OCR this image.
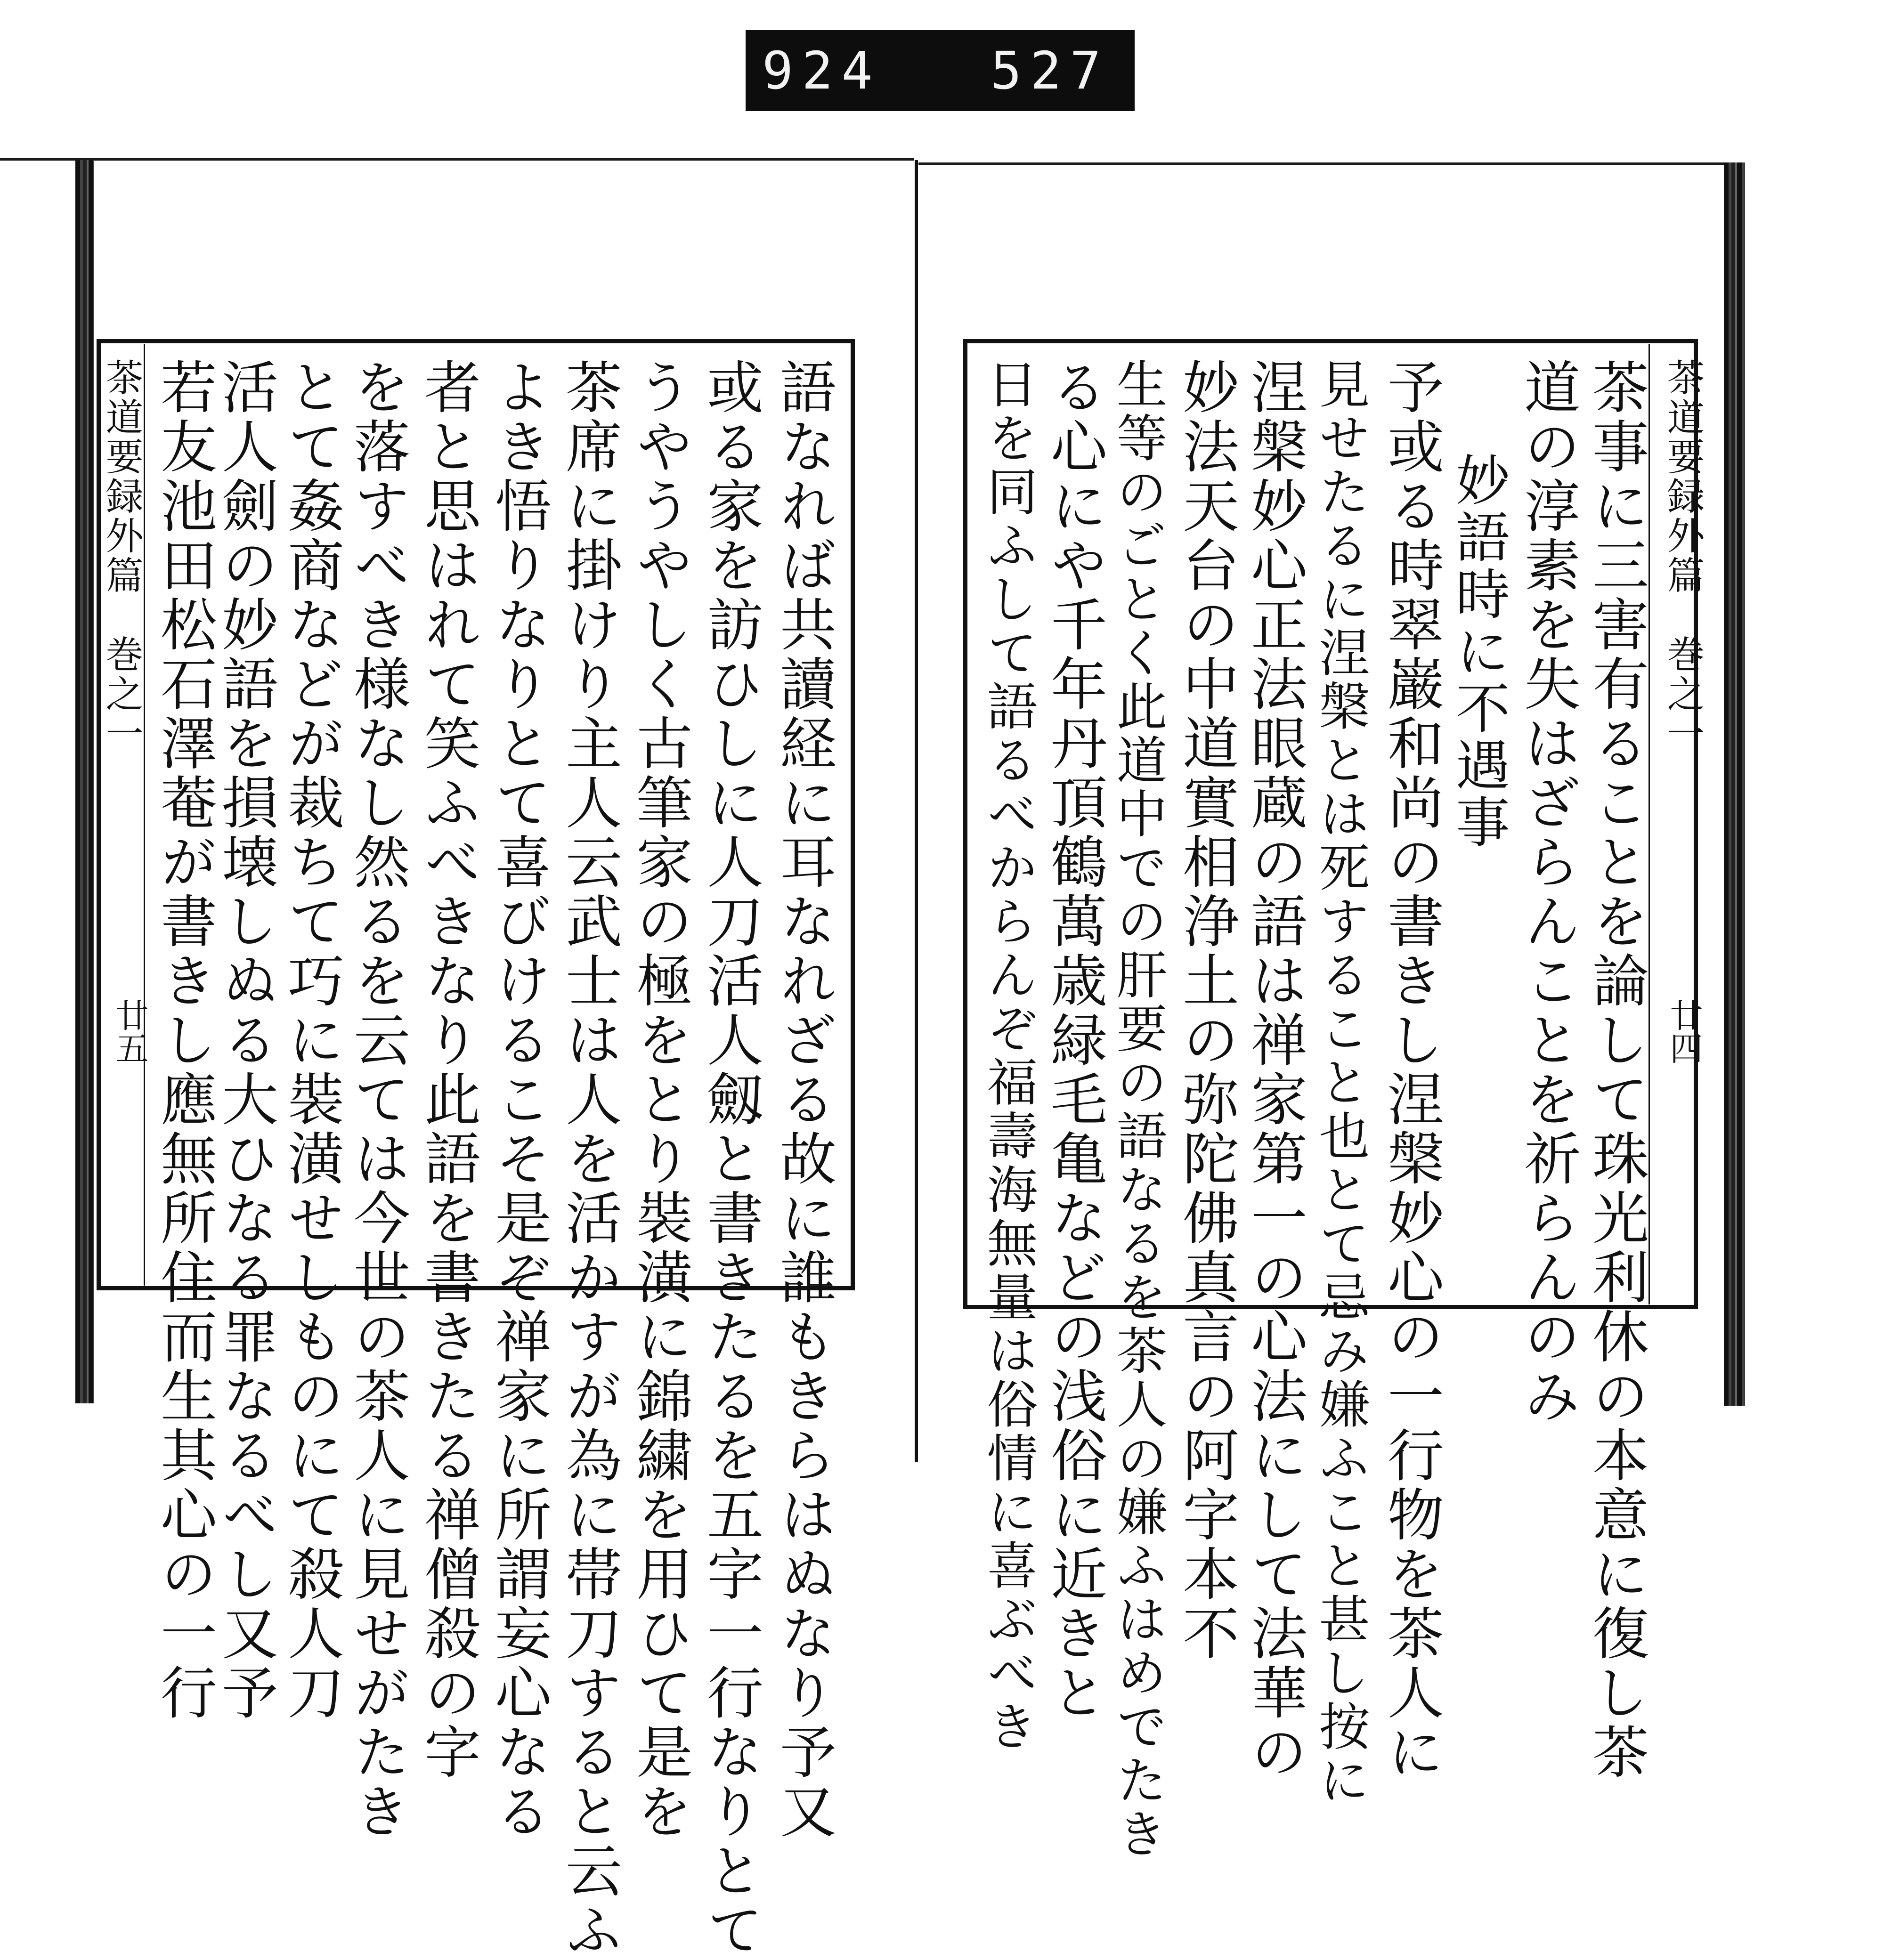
924 527
茶道要録外篇　巻之一
廿五	語なれば共讀経に耳なれざる故に誰もきらはぬなり予又
或る家を訪ひしに人刀活人劔と書きたるを五字一行なりとて
うやうやしく古筆家の極をとり裝潢に錦繍を用ひて是を
茶席に掛けり主人云武士は人を活かすが為に帯刀すると云ふ
よき悟りなりとて喜びけるこそ是ぞ禅家に所謂妄心なる
者と思はれて笑ふべきなり此語を書きたる禅僧殺の字
を落すべき様なし然るを云ては今世の茶人に見せがたき
とて姦商などが裁ちて巧に裝潢せしものにて殺人刀
活人劍の妙語を損壊しぬる大ひなる罪なるべし又予
若友池田松石澤菴が書きし應無所住而生其心の一行	茶道要録外篇　巻之一
廿四
茶事に三害有ることを論して珠光利休の本意に復し茶
道の淳素を失はざらんことを祈らんのみ
妙語時に不遇事
予或る時翠巌和尚の書きし涅槃妙心の一行物を茶人に
見せたるに涅槃とは死すること也とて忌み嫌ふこと甚し按に
涅槃妙心正法眼蔵の語は禅家第一の心法にして法華の
妙法天台の中道實相浄土の弥陀佛真言の阿字本不
生等のごとく此道中での肝要の語なるを茶人の嫌ふはめでたき
る心にや千年丹頂鶴萬歳緑毛亀などの浅俗に近きと
日を同ふして語るべからんぞ福壽海無量は俗情に喜ぶべき
